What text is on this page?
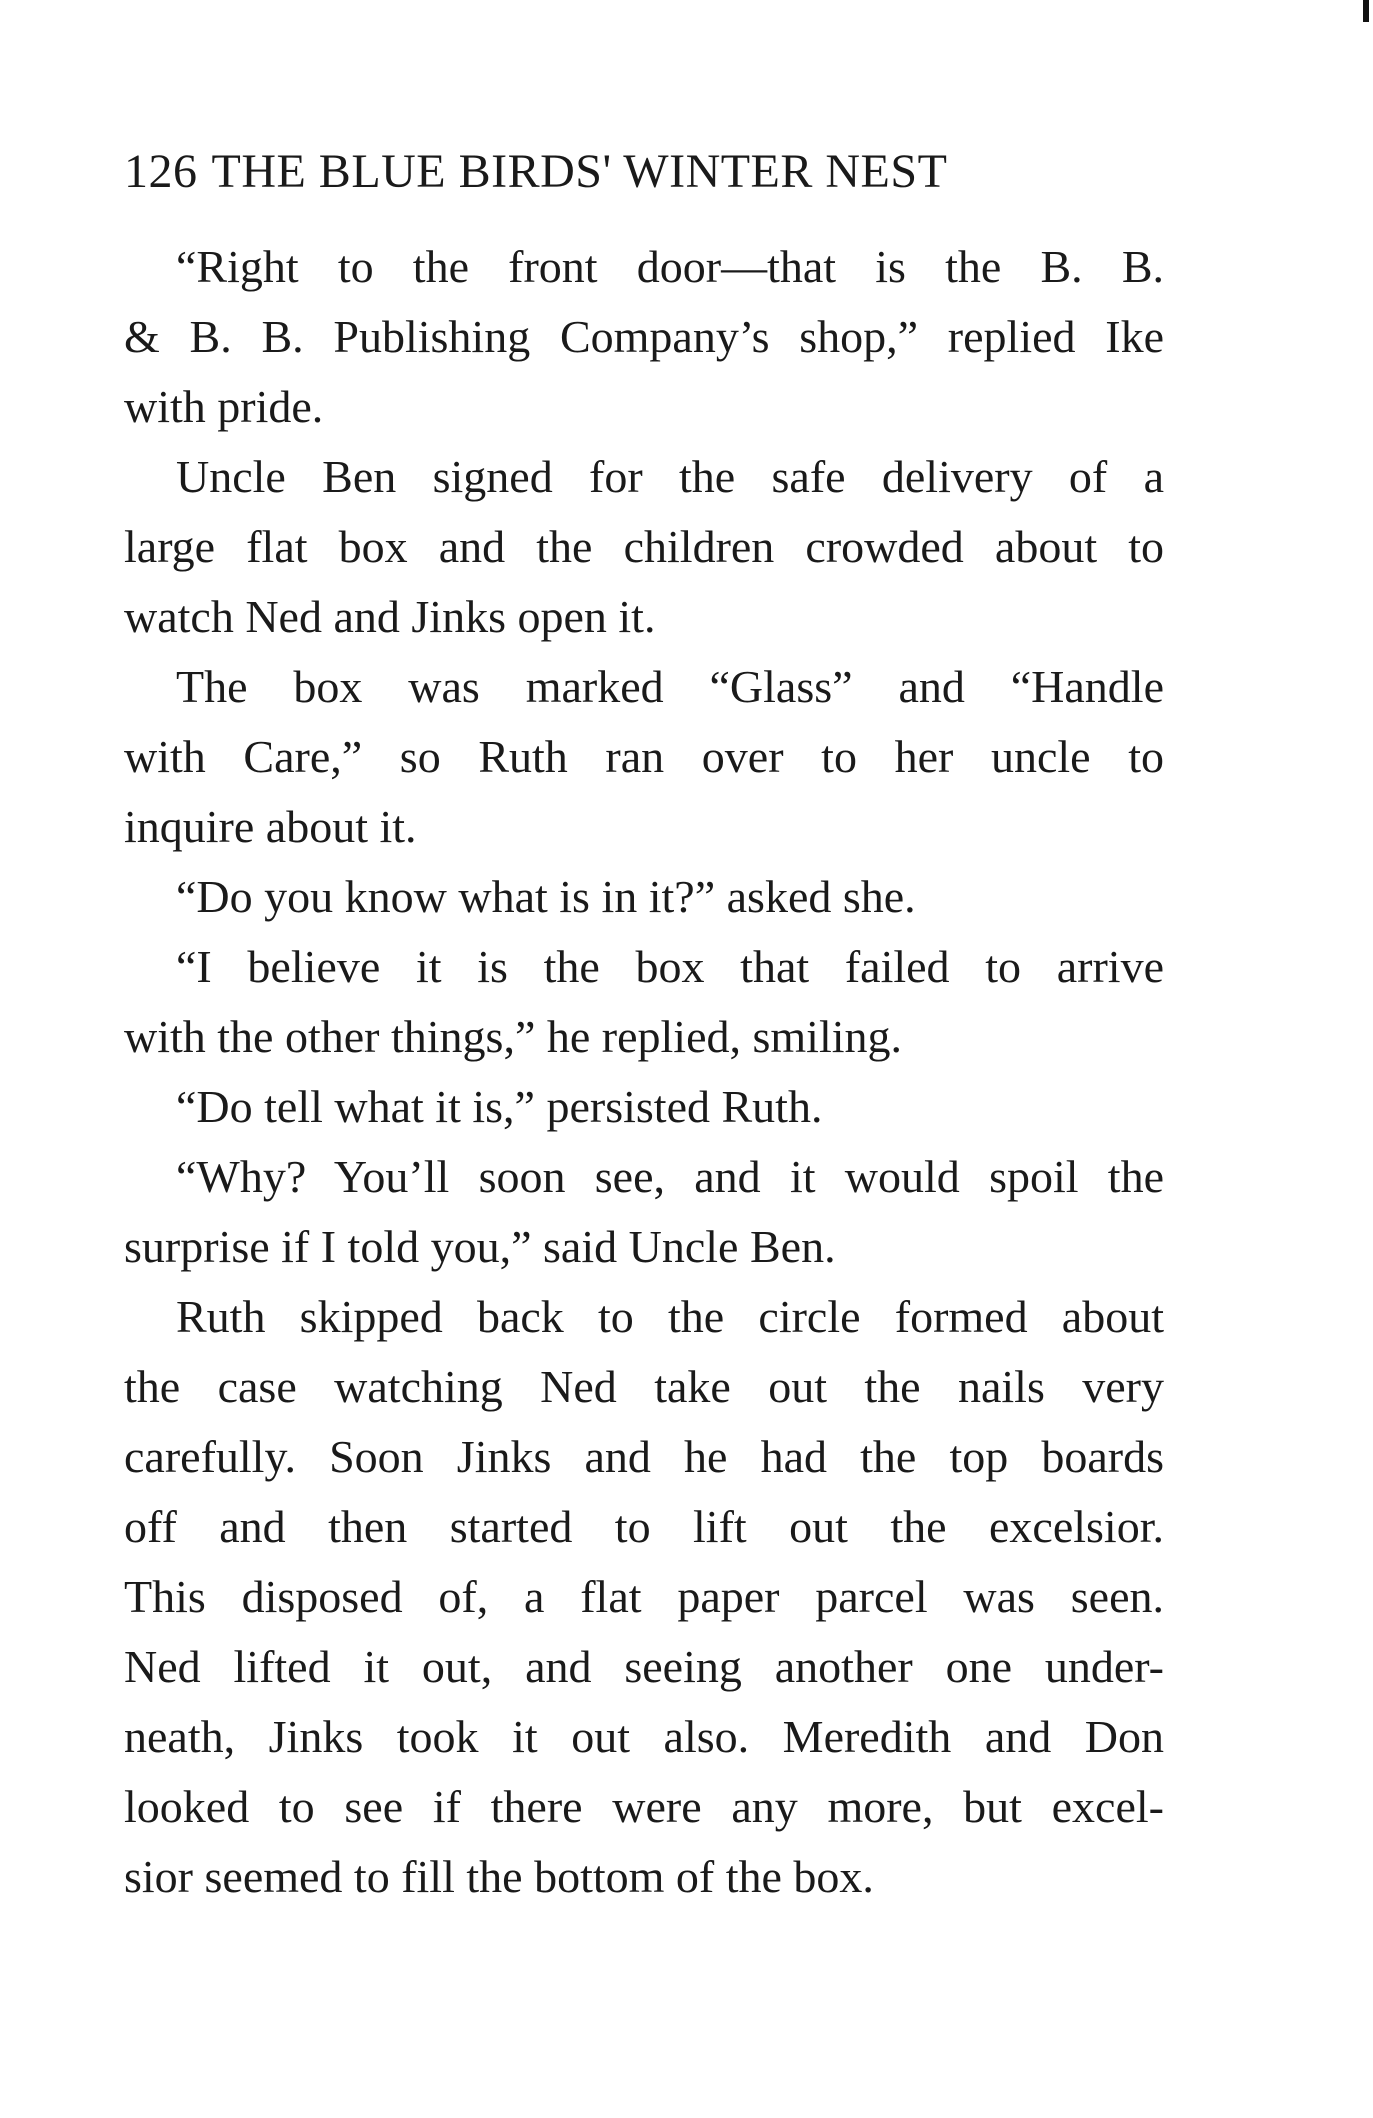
126 THE BLUE BIRDS' WINTER NEST
“Right to the front door—that is the B. B.
& B. B. Publishing Company’s shop,” replied Ike
with pride.
Uncle Ben signed for the safe delivery of a
large flat box and the children crowded about to
watch Ned and Jinks open it.
The box was marked “Glass” and “Handle
with Care,” so Ruth ran over to her uncle to
inquire about it.
“Do you know what is in it?” asked she.
“I believe it is the box that failed to arrive
with the other things,” he replied, smiling.
“Do tell what it is,” persisted Ruth.
“Why? You’ll soon see, and it would spoil the
surprise if I told you,” said Uncle Ben.
Ruth skipped back to the circle formed about
the case watching Ned take out the nails very
carefully. Soon Jinks and he had the top boards
off and then started to lift out the excelsior.
This disposed of, a flat paper parcel was seen.
Ned lifted it out, and seeing another one under-
neath, Jinks took it out also. Meredith and Don
looked to see if there were any more, but excel-
sior seemed to fill the bottom of the box.
